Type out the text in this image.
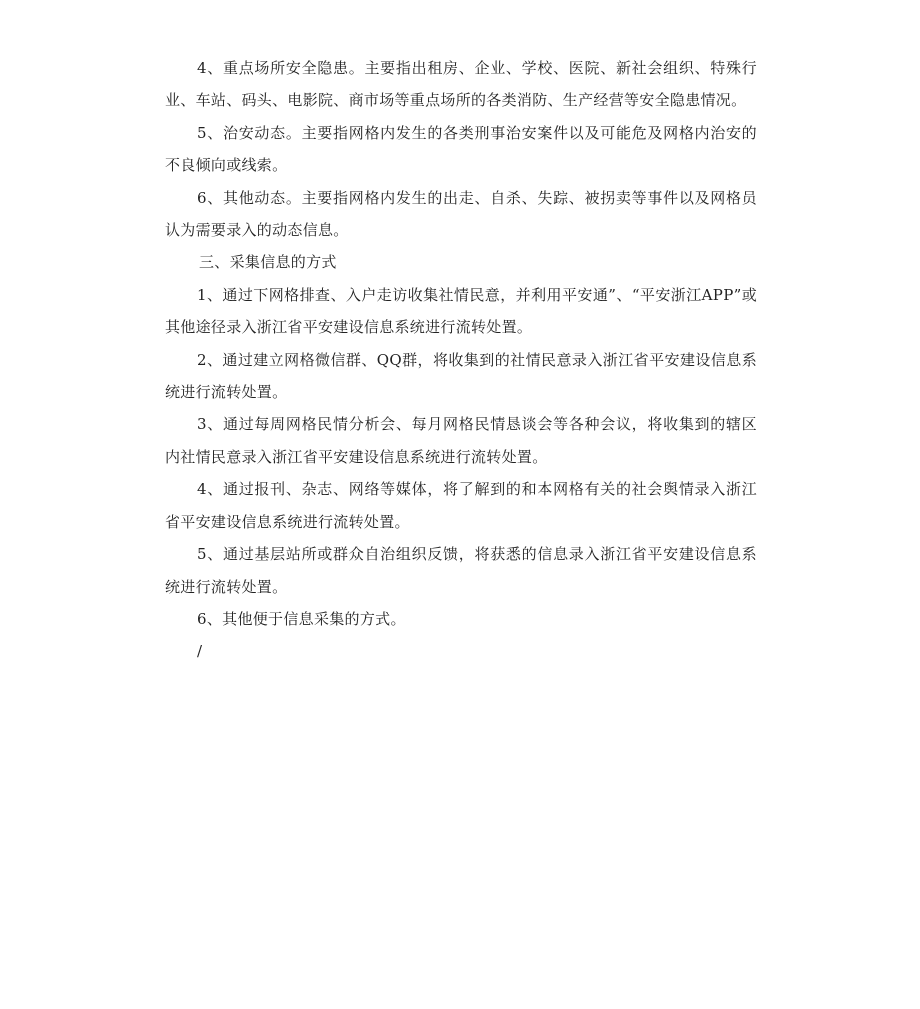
4、重点场所安全隐患。主要指出租房、企业、学校、医院、新社会组织、特殊行业、车站、码头、电影院、商市场等重点场所的各类消防、生产经营等安全隐患情况。

5、治安动态。主要指网格内发生的各类刑事治安案件以及可能危及网格内治安的不良倾向或线索。

6、其他动态。主要指网格内发生的出走、自杀、失踪、被拐卖等事件以及网格员认为需要录入的动态信息。

三、采集信息的方式

1、通过下网格排查、入户走访收集社情民意，并利用平安通”、“平安浙江APP”或其他途径录入浙江省平安建设信息系统进行流转处置。

2、通过建立网格微信群、QQ群，将收集到的社情民意录入浙江省平安建设信息系统进行流转处置。

3、通过每周网格民情分析会、每月网格民情恳谈会等各种会议，将收集到的辖区内社情民意录入浙江省平安建设信息系统进行流转处置。

4、通过报刊、杂志、网络等媒体，将了解到的和本网格有关的社会舆情录入浙江省平安建设信息系统进行流转处置。

5、通过基层站所或群众自治组织反馈，将获悉的信息录入浙江省平安建设信息系统进行流转处置。

6、其他便于信息采集的方式。

/
